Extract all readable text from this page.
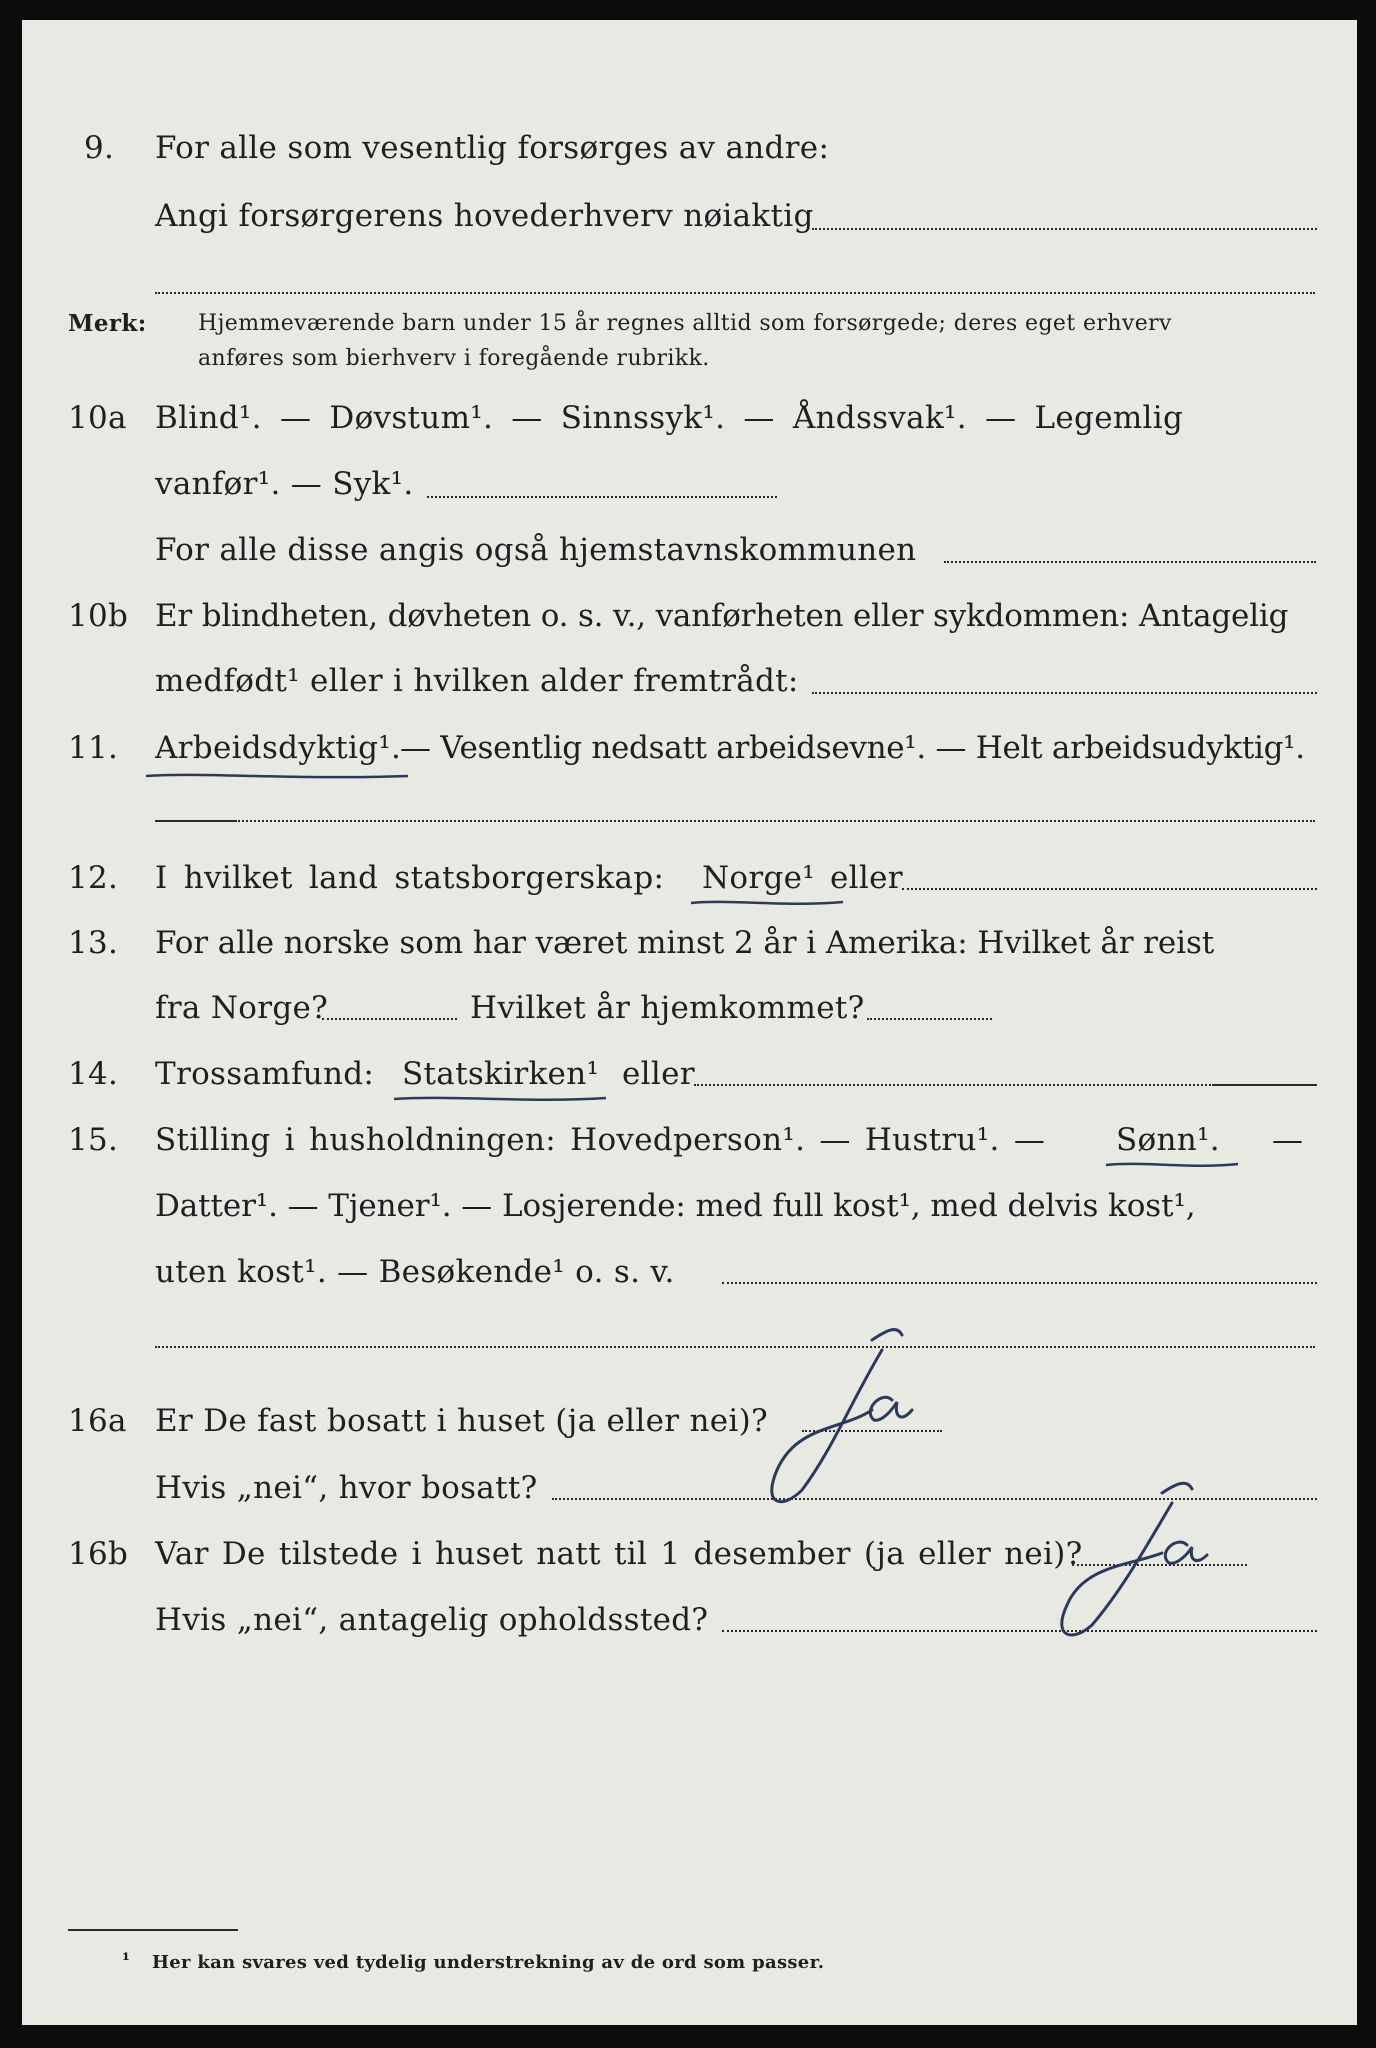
9. For alle som vesentlig forsørges av andre:
Angi forsørgerens hovederhverv nøiaktig
Merk: Hjemmeværende barn under 15 år regnes alltid som forsørgede; deres eget erhverv
anføres som bierhverv i foregående rubrikk.
10a Blind¹. — Døvstum¹. — Sinnssyk¹. — Åndssvak¹. — Legemlig
vanfør¹. — Syk¹.
For alle disse angis også hjemstavnskommunen
10b Er blindheten, døvheten o. s. v., vanførheten eller sykdommen: Antagelig
medfødt¹ eller i hvilken alder fremtrådt:
11. Arbeidsdyktig¹.
— Vesentlig nedsatt arbeidsevne¹. — Helt arbeidsudyktig¹.
12. I hvilket land statsborgerskap: Norge¹ eller
13. For alle norske som har været minst 2 år i Amerika: Hvilket år reist
fra Norge?	Hvilket år hjemkommet?
14. Trossamfund: Statskirken¹ eller
15. Stilling i husholdningen: Hovedperson¹. — Hustru¹. — Sønn¹. —
Datter¹. — Tjener¹. — Losjerende: med full kost¹, med delvis kost¹,
uten kost¹. — Besøkende¹ o. s. v.
16a Er De fast bosatt i huset (ja eller nei)?
Hvis „nei“, hvor bosatt?
16b Var De tilstede i huset natt til 1 desember (ja eller nei)?
Hvis „nei“, antagelig opholdssted?
¹ Her kan svares ved tydelig understrekning av de ord som passer.
